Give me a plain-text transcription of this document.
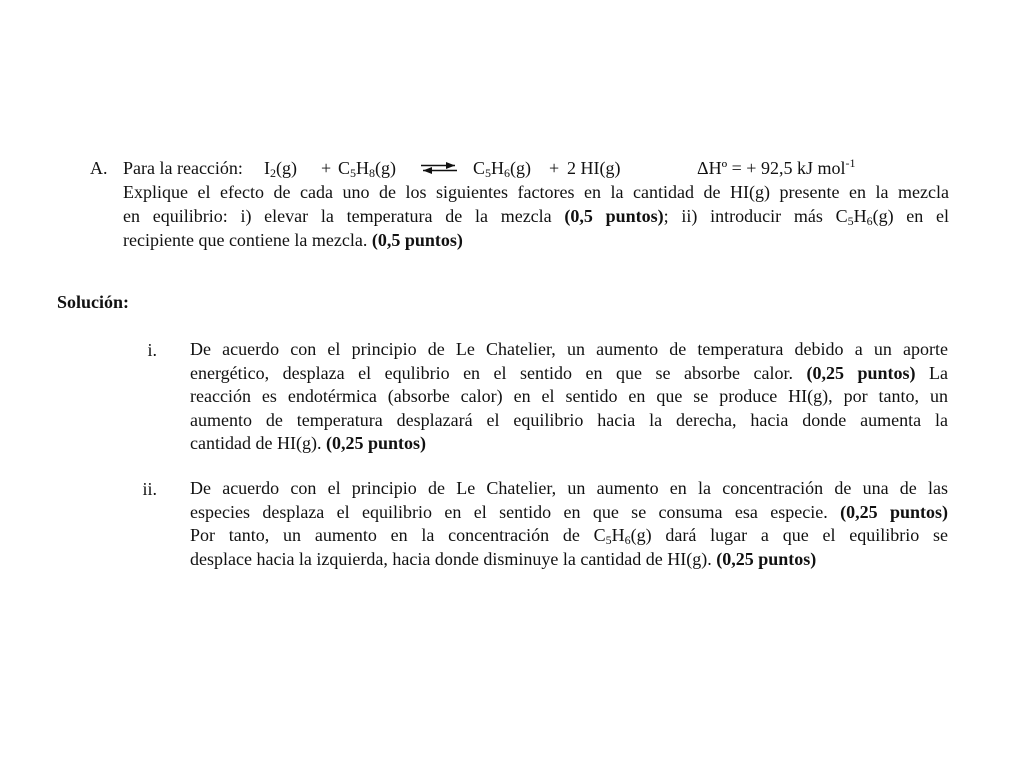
A. Para la reacción: $I_2(g) + C_5H_8(g)$ ⇌ $C_5H_6(g) + 2$ HI(g)	ΔHº = + 92,5 kJ mol$^{-1}$
Explique el efecto de cada uno de los siguientes factores en la cantidad de HI(g) presente en la mezcla
en equilibrio: i) elevar la temperatura de la mezcla (0,5 puntos); ii) introducir más $C_5H_6(g)$ en el
recipiente que contiene la mezcla. (0,5 puntos)
Solución:
i. De acuerdo con el principio de Le Chatelier, un aumento de temperatura debido a un aporte
energético, desplaza el equlibrio en el sentido en que se absorbe calor. (0,25 puntos) La
reacción es endotérmica (absorbe calor) en el sentido en que se produce HI(g), por tanto, un
aumento de temperatura desplazará el equilibrio hacia la derecha, hacia donde aumenta la
cantidad de HI(g). (0,25 puntos)
ii. De acuerdo con el principio de Le Chatelier, un aumento en la concentración de una de las
especies desplaza el equilibrio en el sentido en que se consuma esa especie. (0,25 puntos)
Por tanto, un aumento en la concentración de $C_5H_6(g)$ dará lugar a que el equilibrio se
desplace hacia la izquierda, hacia donde disminuye la cantidad de HI(g). (0,25 puntos)
